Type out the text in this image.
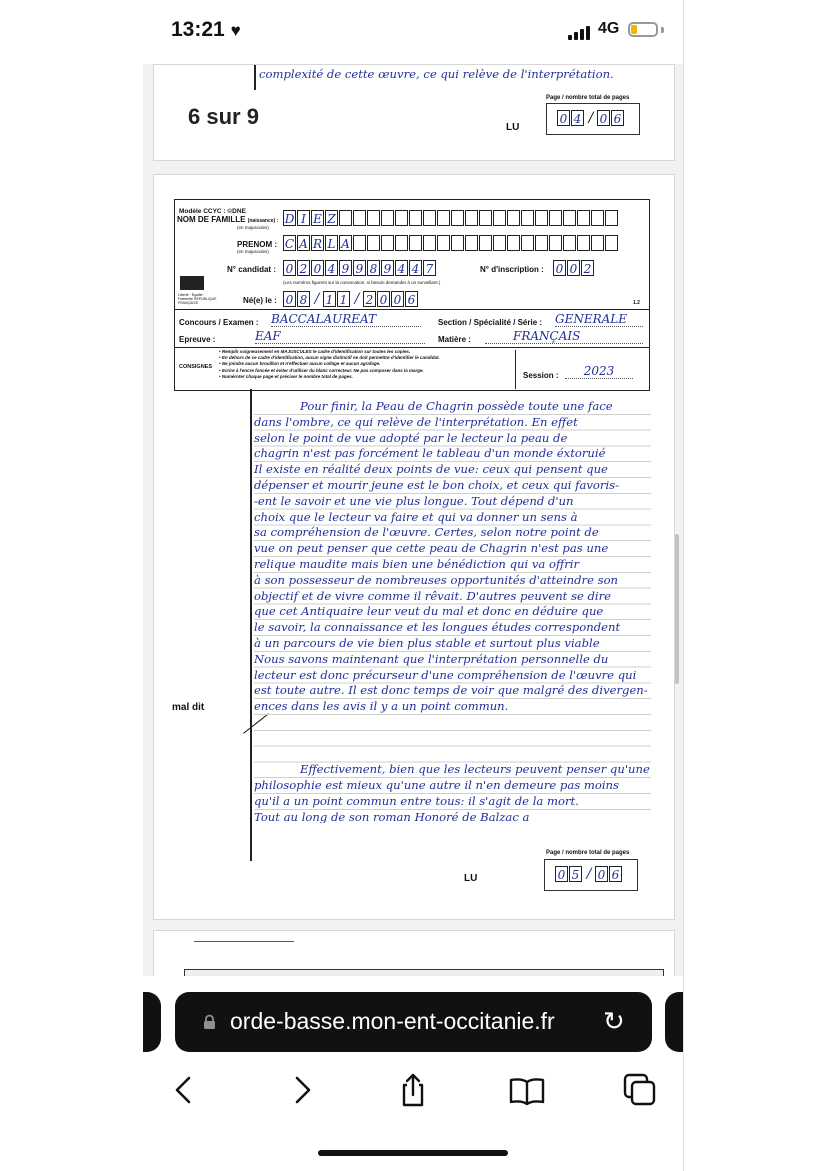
13:21 ♥	4G
complexité de cette œuvre, ce qui relève de l'interprétation.
LU
Page / nombre total de pages
0 4 / 0 6
6 sur 9
Modèle CCYC : ©DNE
NOM DE FAMILLE (naissance) :
(en majuscules)
D I E Z
PRENOM :
(en majuscules)
C A R L A
N° candidat : 0 2 0 4 9 9 8 9 4 4 7	N° d'inscription : 0 0 2
(Les numéros figurent sur la convocation, si besoin demander à un surveillant.)
Liberté · Égalité · Fraternité RÉPUBLIQUE FRANÇAISE	Né(e) le : 0 8 / 1 1 / 2 0 0 6	1.2
Concours / Examen : BACCALAUREAT	Section / Spécialité / Série : GENERALE
Epreuve :	EAF	Matière :	FRANÇAIS
CONSIGNES
• Remplir soigneusement en MAJUSCULES le cadre d'identification sur toutes les copies.
• En dehors de ce cadre d'identification, aucun signe distinctif ne doit permettre d'identifier le candidat.
• Ne joindre aucun brouillon et n'effectuer aucun collage et aucun agrafage.
• Ecrire à l'encre foncée et éviter d'utiliser du blanc correcteur. Ne pas composer dans la marge.
• Numéroter chaque page et préciser le nombre total de pages.	Session :	2023
mal dit
Pour finir, la Peau de Chagrin possède toute une face
dans l'ombre, ce qui relève de l'interprétation. En effet
selon le point de vue adopté par le lecteur la peau de
chagrin n'est pas forcément le tableau d'un monde éxtoruié
Il existe en réalité deux points de vue: ceux qui pensent que
dépenser et mourir jeune est le bon choix, et ceux qui favoris-
-ent le savoir et une vie plus longue. Tout dépend d'un
choix que le lecteur va faire et qui va donner un sens à
sa compréhension de l'œuvre. Certes, selon notre point de
vue on peut penser que cette peau de Chagrin n'est pas une
relique maudite mais bien une bénédiction qui va offrir
à son possesseur de nombreuses opportunités d'atteindre son
objectif et de vivre comme il rêvait. D'autres peuvent se dire
que cet Antiquaire leur veut du mal et donc en déduire que
le savoir, la connaissance et les longues études correspondent
à un parcours de vie bien plus stable et surtout plus viable
Nous savons maintenant que l'interprétation personnelle du
lecteur est donc précurseur d'une compréhension de l'œuvre qui
est toute autre. Il est donc temps de voir que malgré des divergen-
ences dans les avis il y a un point commun.
Effectivement, bien que les lecteurs peuvent penser qu'une
philosophie est mieux qu'une autre il n'en demeure pas moins
qu'il a un point commun entre tous: il s'agit de la mort.
Tout au long de son roman Honoré de Balzac a
LU
Page / nombre total de pages
0 5 / 0 6
orde-basse.mon-ent-occitanie.fr ↻
